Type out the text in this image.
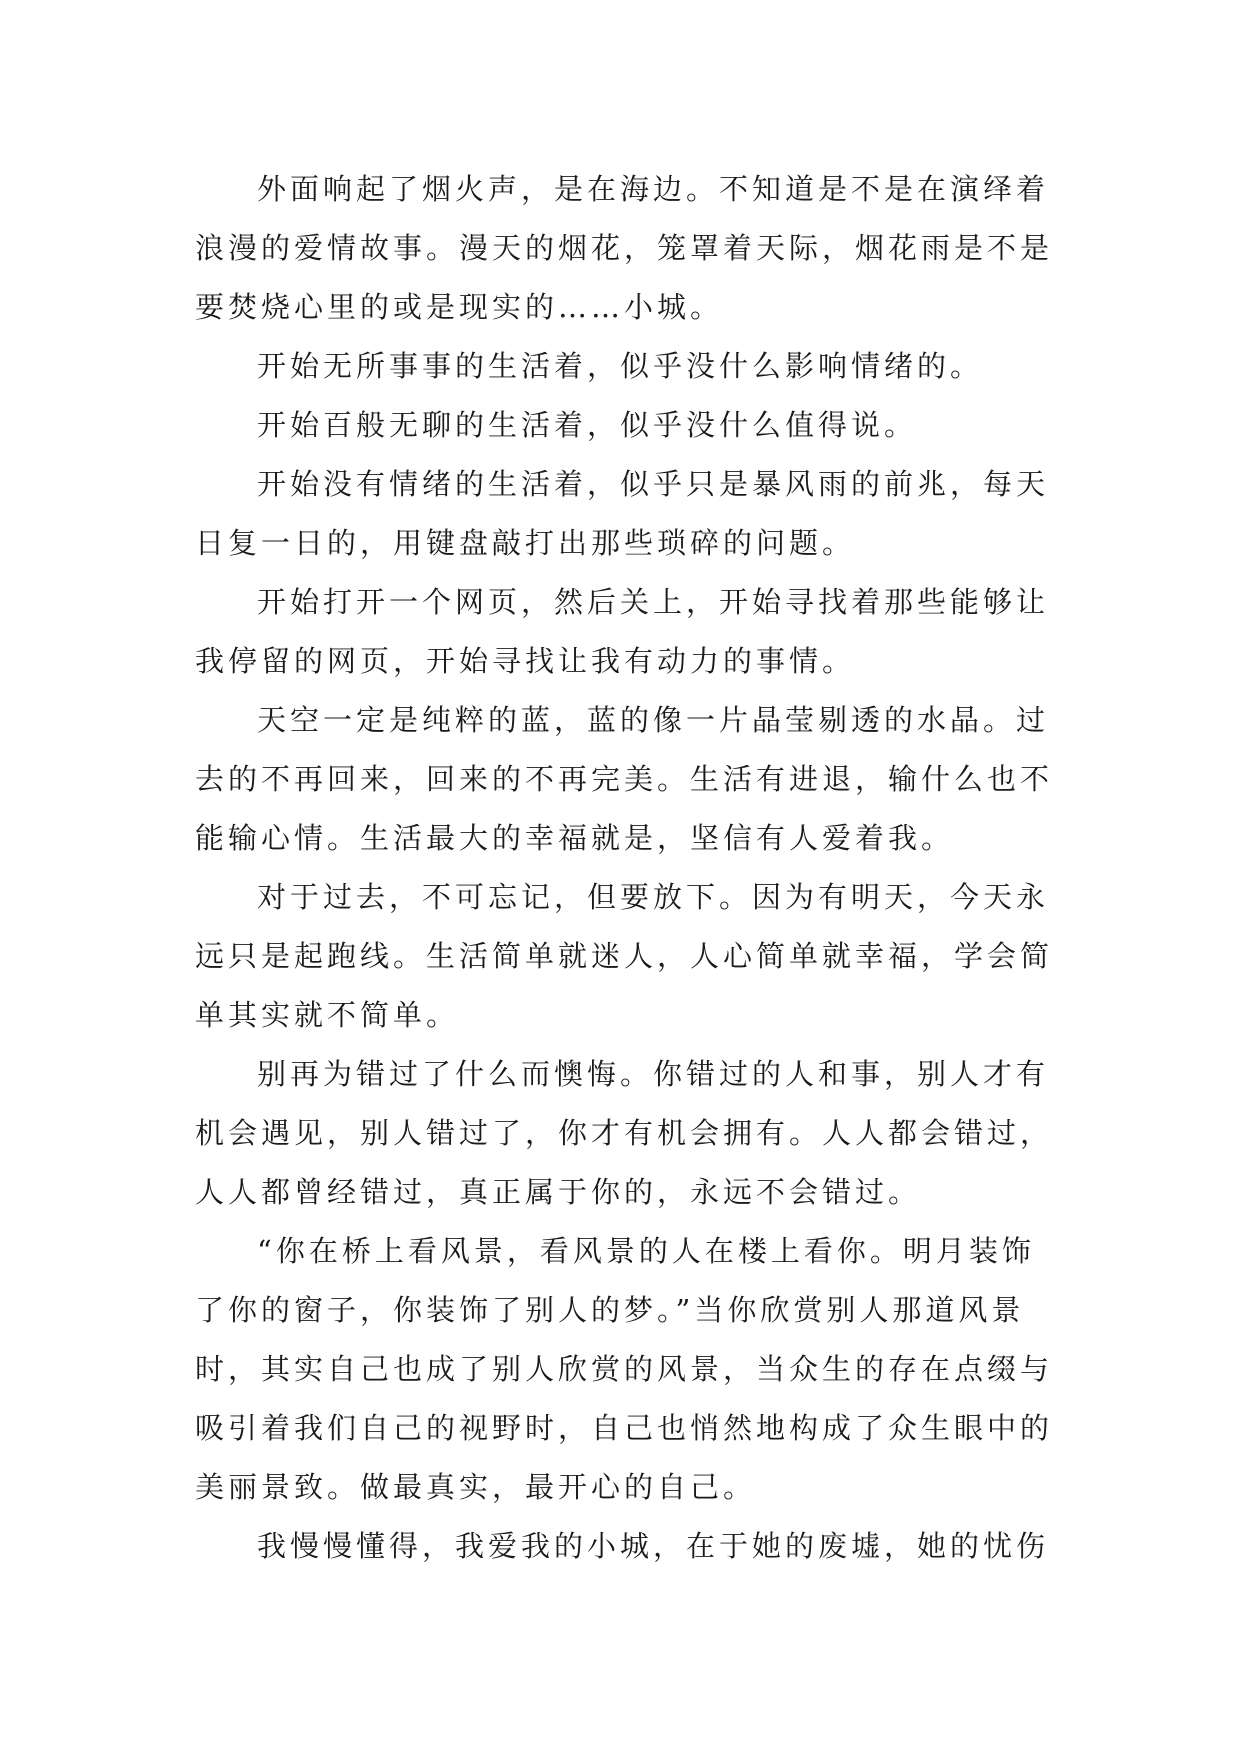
外面响起了烟火声，是在海边。不知道是不是在演绎着
浪漫的爱情故事。漫天的烟花，笼罩着天际，烟花雨是不是
要焚烧心里的或是现实的……小城。
开始无所事事的生活着，似乎没什么影响情绪的。
开始百般无聊的生活着，似乎没什么值得说。
开始没有情绪的生活着，似乎只是暴风雨的前兆，每天
日复一日的，用键盘敲打出那些琐碎的问题。
开始打开一个网页，然后关上，开始寻找着那些能够让
我停留的网页，开始寻找让我有动力的事情。
天空一定是纯粹的蓝，蓝的像一片晶莹剔透的水晶。过
去的不再回来，回来的不再完美。生活有进退，输什么也不
能输心情。生活最大的幸福就是，坚信有人爱着我。
对于过去，不可忘记，但要放下。因为有明天，今天永
远只是起跑线。生活简单就迷人，人心简单就幸福，学会简
单其实就不简单。
别再为错过了什么而懊悔。你错过的人和事，别人才有
机会遇见，别人错过了，你才有机会拥有。人人都会错过，
人人都曾经错过，真正属于你的，永远不会错过。
“你在桥上看风景，看风景的人在楼上看你。明月装饰
了你的窗子，你装饰了别人的梦。”当你欣赏别人那道风景
时，其实自己也成了别人欣赏的风景，当众生的存在点缀与
吸引着我们自己的视野时，自己也悄然地构成了众生眼中的
美丽景致。做最真实，最开心的自己。
我慢慢懂得，我爱我的小城，在于她的废墟，她的忧伤
